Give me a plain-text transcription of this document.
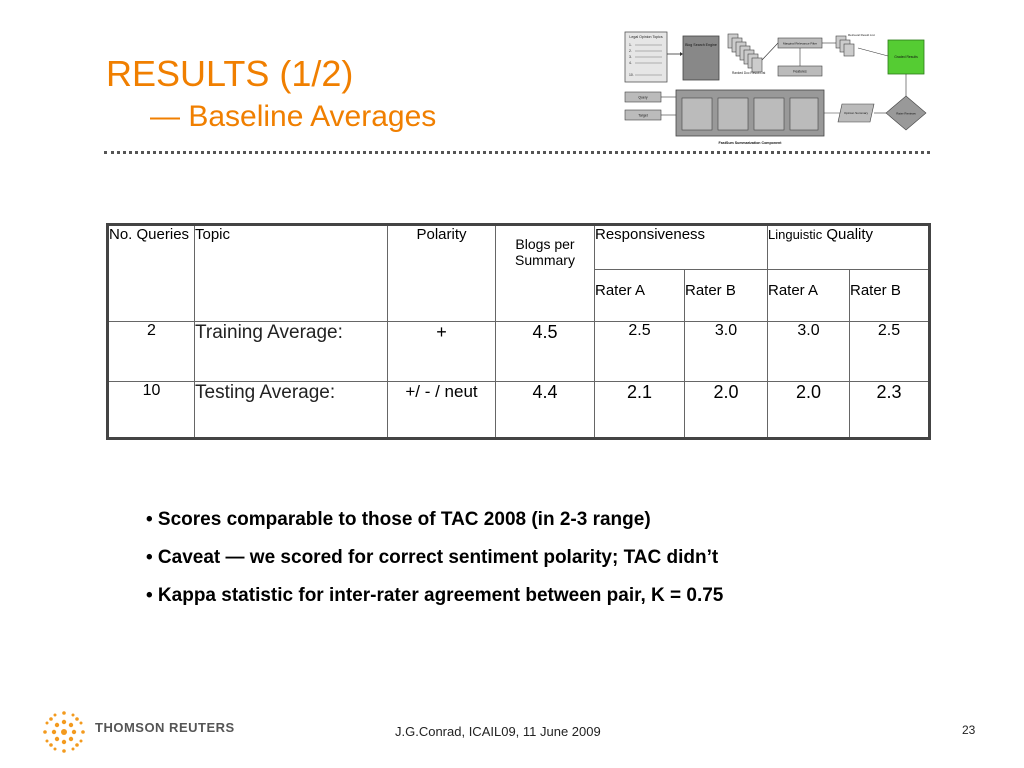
RESULTS (1/2)
— Baseline Averages
Legal Opinion Topics
1.
2.
3.
4.
10.
Blog Search Engine
Ranked Doc Result List
Marginal Relevance Filter
Features
Retrieval Result List
Graded Results
Query
Target
FastSum Summarization Component
Opinion Summary	Rater Reviews
No. Queries	Topic	Polarity	Blogs per Summary	Responsiveness		Linguistic Quality	
				Rater A	Rater B	Rater A	Rater B
2	Training Average:	+	4.5	2.5	3.0	3.0	2.5
10	Testing Average:	+/ - / neut	4.4	2.1	2.0	2.0	2.3
• Scores comparable to those of TAC 2008 (in 2-3 range)
• Caveat — we scored for correct sentiment polarity; TAC didn’t
• Kappa statistic for inter-rater agreement between pair, K = 0.75
THOMSON REUTERS	J.G.Conrad, ICAIL09, 11 June 2009	23
